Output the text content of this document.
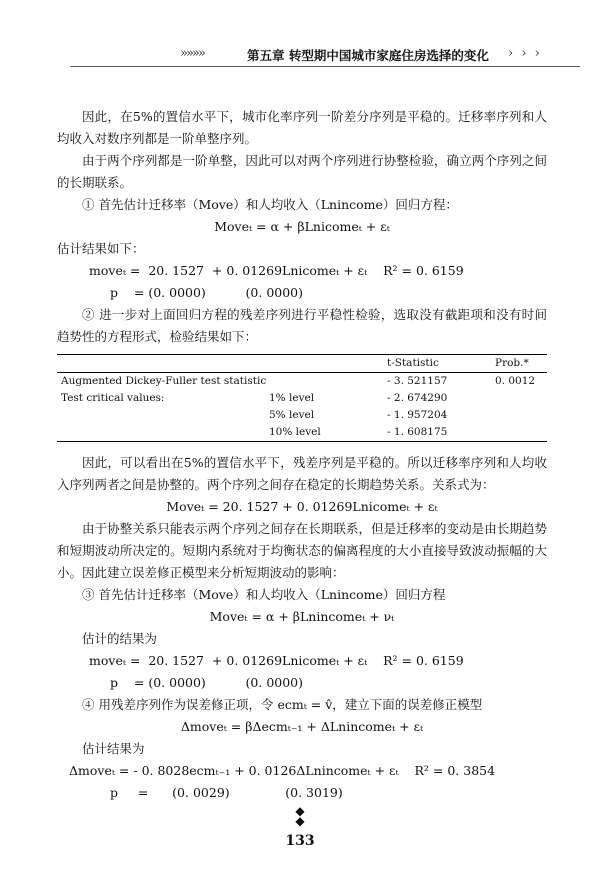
»»»»	第五章 转型期中国城市家庭住房选择的变化 › › ›

因此，在5%的置信水平下，城市化率序列一阶差分序列是平稳的。迁移率序列和人均收入对数序列都是一阶单整序列。

由于两个序列都是一阶单整，因此可以对两个序列进行协整检验，确立两个序列之间的长期联系。

① 首先估计迁移率（Move）和人均收入（Lnincome）回归方程：

Moveₜ = α + βLnicomeₜ + εₜ

估计结果如下：

moveₜ =  20. 1527  + 0. 01269Lnicomeₜ + εₜ    R² = 0. 6159

p    = (0. 0000)          (0. 0000)

② 进一步对上面回归方程的残差序列进行平稳性检验，选取没有截距项和没有时间趋势性的方程形式，检验结果如下：

		t-Statistic	Prob.*
Augmented Dickey-Fuller test statistic		- 3. 521157	0. 0012
Test critical values:	1% level	- 2. 674290	
	5% level	- 1. 957204	
	10% level	- 1. 608175	

因此，可以看出在5%的置信水平下，残差序列是平稳的。所以迁移率序列和人均收入序列两者之间是协整的。两个序列之间存在稳定的长期趋势关系。关系式为：

Moveₜ = 20. 1527 + 0. 01269Lnicomeₜ + εₜ

由于协整关系只能表示两个序列之间存在长期联系，但是迁移率的变动是由长期趋势和短期波动所决定的。短期内系统对于均衡状态的偏离程度的大小直接导致波动振幅的大小。因此建立误差修正模型来分析短期波动的影响：

③ 首先估计迁移率（Move）和人均收入（Lnincome）回归方程

Moveₜ = α + βLnincomeₜ + νₜ

估计的结果为

moveₜ =  20. 1527  + 0. 01269Lnicomeₜ + εₜ    R² = 0. 6159

p    = (0. 0000)          (0. 0000)

④ 用残差序列作为误差修正项，令 ecmₜ = v̂，建立下面的误差修正模型

Δmoveₜ = βΔecmₜ₋₁ + ΔLnincomeₜ + εₜ

估计结果为

Δmoveₜ = - 0. 8028ecmₜ₋₁ + 0. 0126ΔLnincomeₜ + εₜ    R² = 0. 3854

p     =      (0. 0029)              (0. 3019)

◆
◆
133
